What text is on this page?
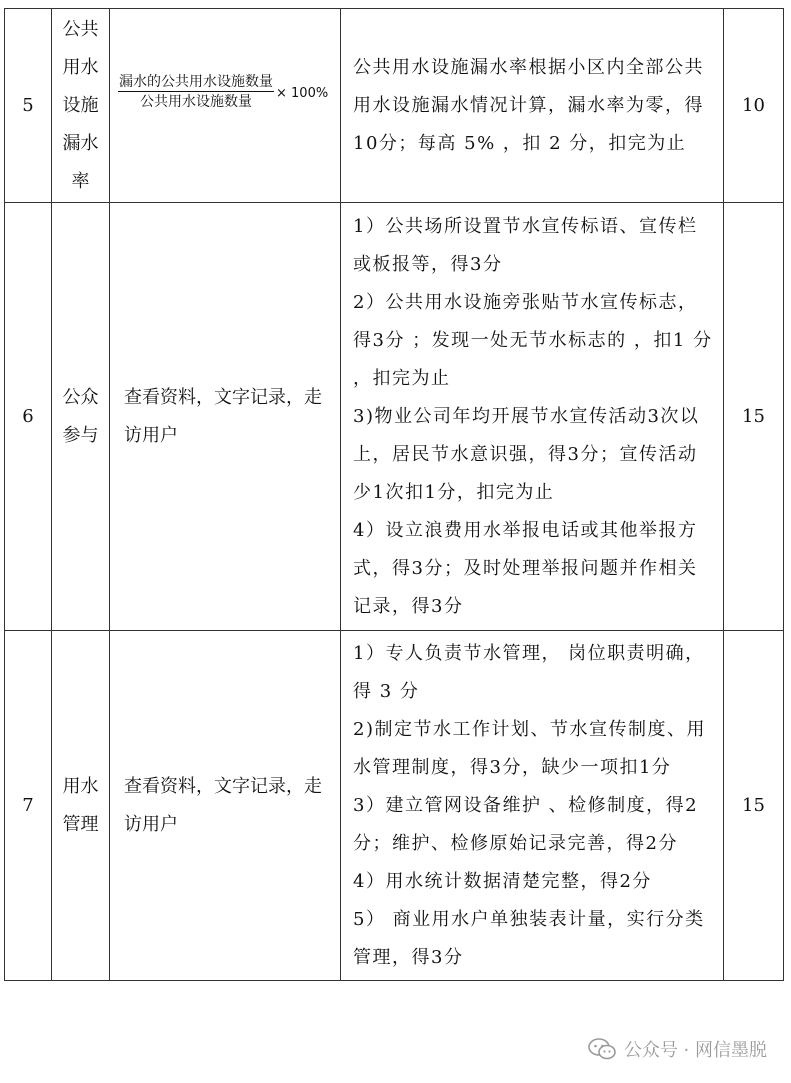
5	公共
用水
设施
漏水
率	$\frac{\text{漏水的公共用水设施数量}}{\text{公共用水设施数量}} \times 100\%$	公共用水设施漏水率根据小区内全部公共用水设施漏水情况计算，漏水率为零，得10分；每高 5% ，扣 2 分，扣完为止	10
6	公众
参与	查看资料，文字记录，走访用户	1）公共场所设置节水宣传标语、宣传栏或板报等，得3分
2）公共用水设施旁张贴节水宣传标志，得3分 ；发现一处无节水标志的 ，扣1 分 ，扣完为止
3)物业公司年均开展节水宣传活动3次以上，居民节水意识强，得3分；宣传活动少1次扣1分，扣完为止
4）设立浪费用水举报电话或其他举报方式，得3分；及时处理举报问题并作相关记录，得3分	15
7	用水
管理	查看资料，文字记录，走访用户	1）专人负责节水管理， 岗位职责明确，得 3 分
2)制定节水工作计划、节水宣传制度、用水管理制度，得3分，缺少一项扣1分
3）建立管网设备维护 、检修制度，得2分；维护、检修原始记录完善，得2分
4）用水统计数据清楚完整，得2分
5） 商业用水户单独装表计量，实行分类管理，得3分	15
公众号 · 网信墨脱
